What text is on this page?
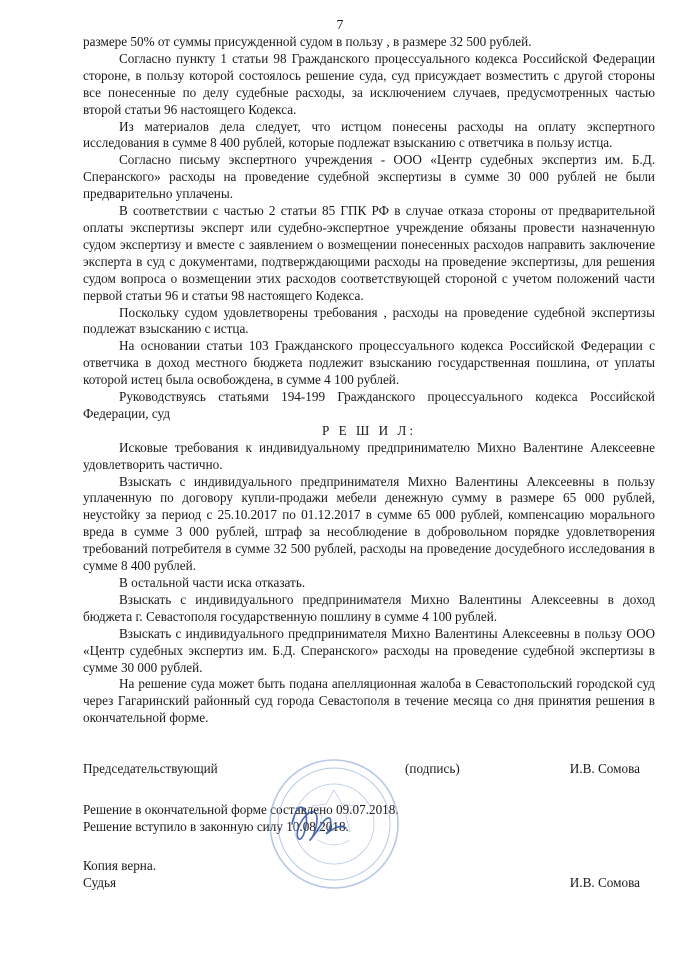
7

размере 50% от суммы присужденной судом в пользу , в размере 32 500 рублей.

Согласно пункту 1 статьи 98 Гражданского процессуального кодекса Российской Федерации стороне, в пользу которой состоялось решение суда, суд присуждает возместить с другой стороны все понесенные по делу судебные расходы, за исключением случаев, предусмотренных частью второй статьи 96 настоящего Кодекса.

Из материалов дела следует, что истцом понесены расходы на оплату экспертного исследования в сумме 8 400 рублей, которые подлежат взысканию с ответчика в пользу истца.

Согласно письму экспертного учреждения - ООО «Центр судебных экспертиз им. Б.Д. Сперанского» расходы на проведение судебной экспертизы в сумме 30 000 рублей не были предварительно уплачены.

В соответствии с частью 2 статьи 85 ГПК РФ в случае отказа стороны от предварительной оплаты экспертизы эксперт или судебно-экспертное учреждение обязаны провести назначенную судом экспертизу и вместе с заявлением о возмещении понесенных расходов направить заключение эксперта в суд с документами, подтверждающими расходы на проведение экспертизы, для решения судом вопроса о возмещении этих расходов соответствующей стороной с учетом положений части первой статьи 96 и статьи 98 настоящего Кодекса.

Поскольку судом удовлетворены требования , расходы на проведение судебной экспертизы подлежат взысканию с истца.

На основании статьи 103 Гражданского процессуального кодекса Российской Федерации с ответчика в доход местного бюджета подлежит взысканию государственная пошлина, от уплаты которой истец была освобождена, в сумме 4 100 рублей.

Руководствуясь статьями 194-199 Гражданского процессуального кодекса Российской Федерации, суд

Р Е Ш И Л:

Исковые требования к индивидуальному предпринимателю Михно Валентине Алексеевне удовлетворить частично.

Взыскать с индивидуального предпринимателя Михно Валентины Алексеевны в пользу уплаченную по договору купли-продажи мебели денежную сумму в размере 65 000 рублей, неустойку за период с 25.10.2017 по 01.12.2017 в сумме 65 000 рублей, компенсацию морального вреда в сумме 3 000 рублей, штраф за несоблюдение в добровольном порядке удовлетворения требований потребителя в сумме 32 500 рублей, расходы на проведение досудебного исследования в сумме 8 400 рублей.

В остальной части иска отказать.

Взыскать с индивидуального предпринимателя Михно Валентины Алексеевны в доход бюджета г. Севастополя государственную пошлину в сумме 4 100 рублей.

Взыскать с индивидуального предпринимателя Михно Валентины Алексеевны в пользу ООО «Центр судебных экспертиз им. Б.Д. Сперанского» расходы на проведение судебной экспертизы в сумме 30 000 рублей.

На решение суда может быть подана апелляционная жалоба в Севастопольский городской суд через Гагаринский районный суд города Севастополя в течение месяца со дня принятия решения в окончательной форме.

Председательствующий	(подпись)	И.В. Сомова

Решение в окончательной форме составлено 09.07.2018.

Решение вступило в законную силу 10.08.2018.

Копия верна.

Судья	И.В. Сомова
